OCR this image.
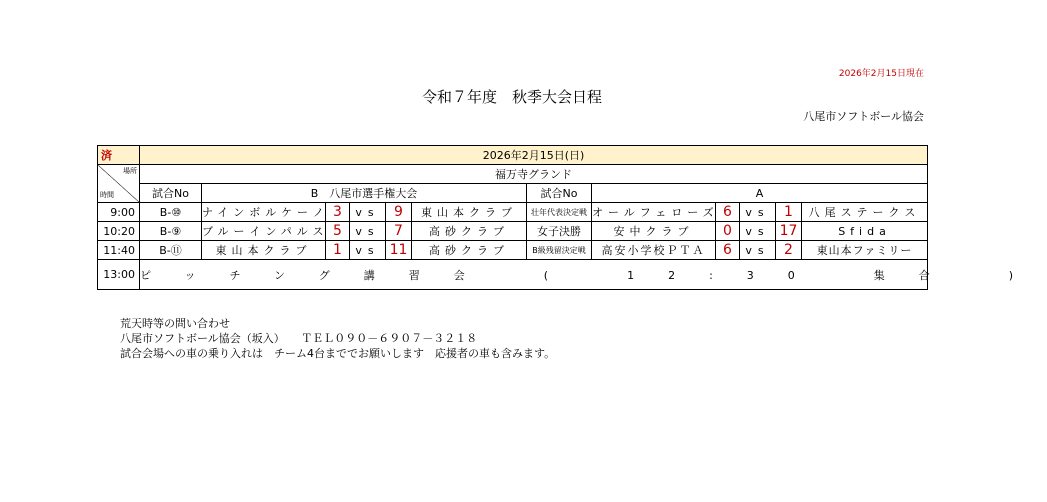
2026年2月15日現在
令和７年度　秋季大会日程
八尾市ソフトボール協会
済	2026年2月15日(日)											

場所
時間	福万寺グランド											
	試合No	B　八尾市選手権大会					試合No	A				
9:00	B-⑩	ナインボルケーノ	3	vs	9	東山本クラブ	壮年代表決定戦	オールフェローズ	6	vs	1	八尾ステークス
10:20	B-⑨	ブルーインパルス	5	vs	7	高砂クラブ	女子決勝	安中クラブ	0	vs	17	Sfida
11:40	B-⑪	東山本クラブ	1	vs	11	高砂クラブ	B級残留決定戦	高安小学校ＰＴＡ	6	vs	2	東山本ファミリー
13:00	ピッチング講習会　(　12:30　集合　)											
荒天時等の問い合わせ
八尾市ソフトボール協会（坂入）　　ＴＥＬ０９０－６９０７－３２１８
試合会場への車の乗り入れは　チーム4台まででお願いします　応援者の車も含みます。
